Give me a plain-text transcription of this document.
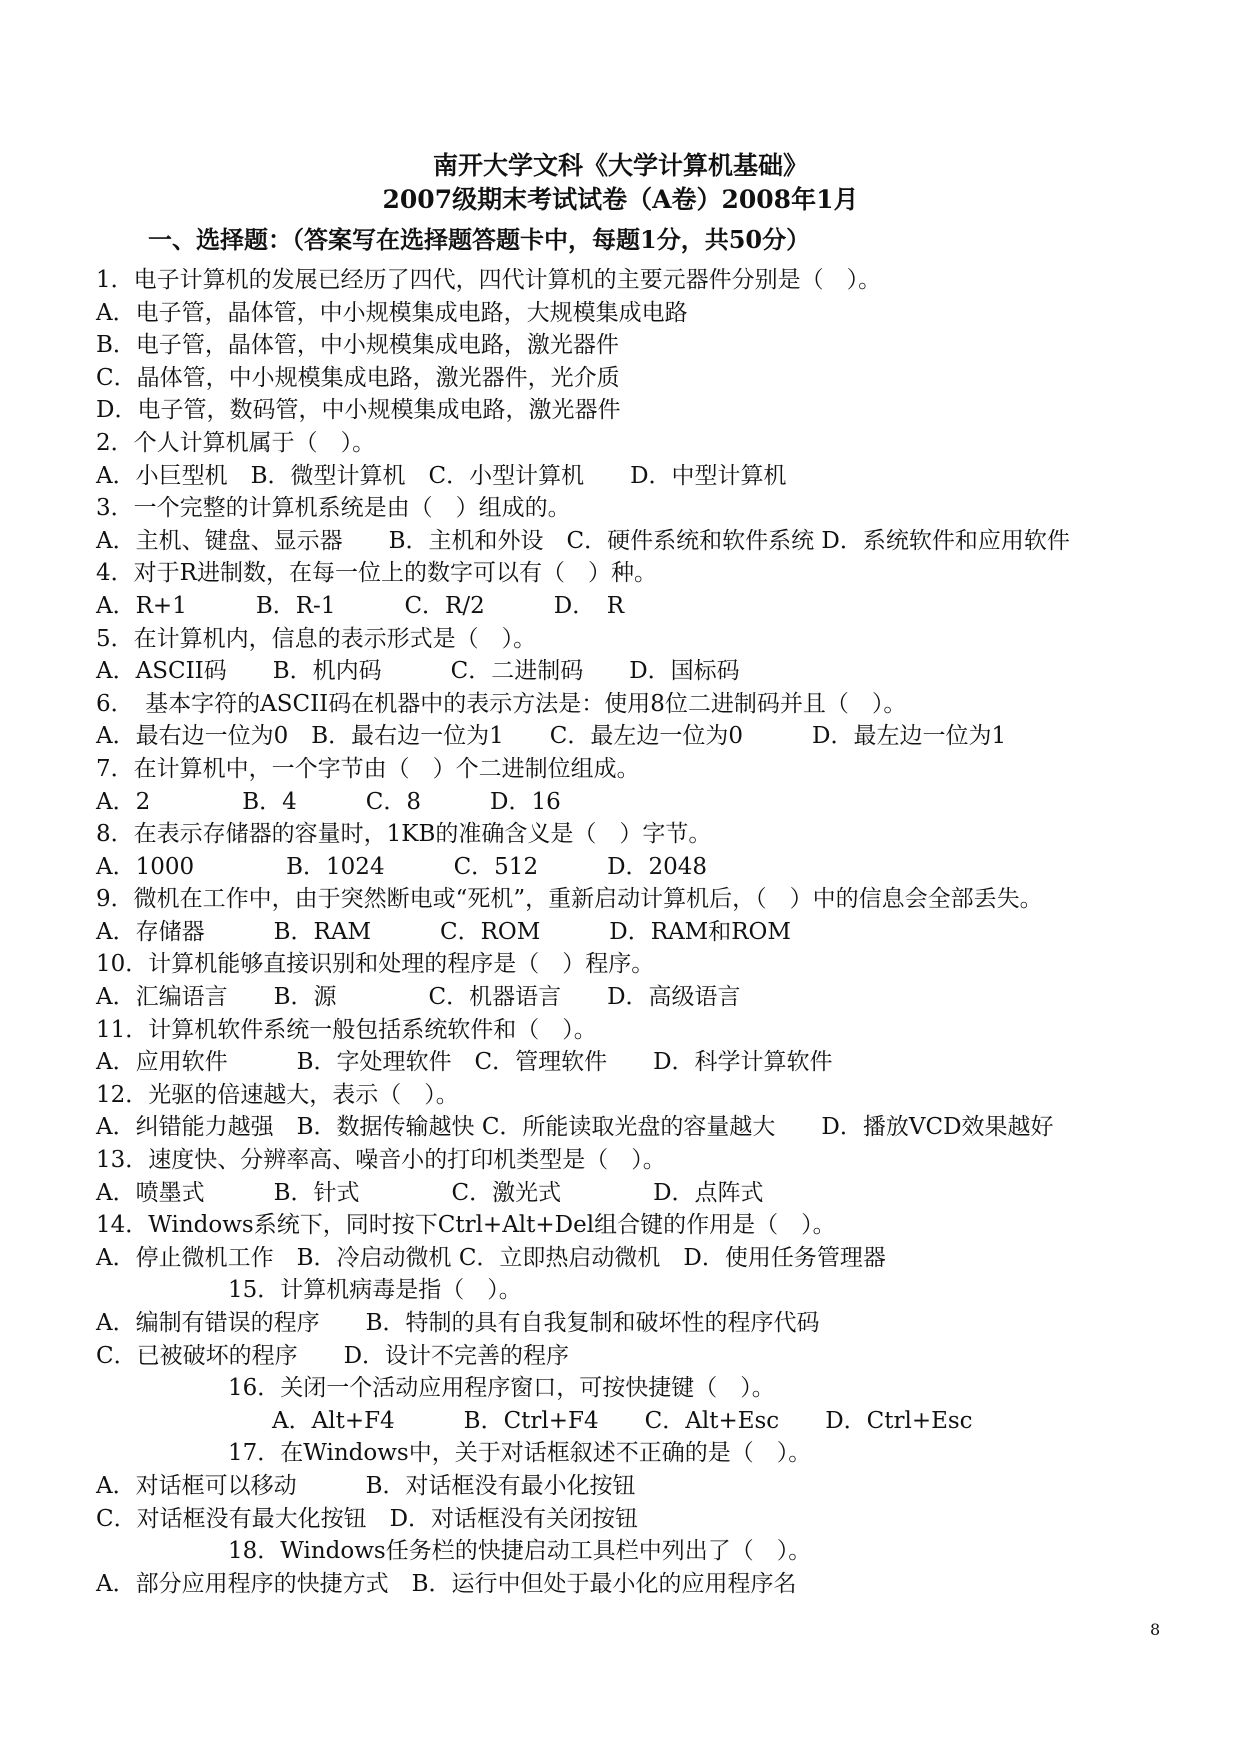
南开大学文科《大学计算机基础》
2007级期末考试试卷（A卷）2008年1月
一、选择题：（答案写在选择题答题卡中，每题1分，共50分）
1．电子计算机的发展已经历了四代，四代计算机的主要元器件分别是（　）。
A．电子管，晶体管，中小规模集成电路，大规模集成电路
B．电子管，晶体管，中小规模集成电路，激光器件
C．晶体管，中小规模集成电路，激光器件，光介质
D．电子管，数码管，中小规模集成电路，激光器件
2．个人计算机属于（　）。
A．小巨型机　B．微型计算机　C．小型计算机　　D．中型计算机
3．一个完整的计算机系统是由（　）组成的。
A．主机、键盘、显示器　　B．主机和外设　C．硬件系统和软件系统 D．系统软件和应用软件
4．对于R进制数，在每一位上的数字可以有（　）种。
A．R+1　　　B．R-1　　　C．R/2　　　D．　R
5．在计算机内，信息的表示形式是（　）。
A．ASCII码　　B．机内码　　　C．二进制码　　D．国标码
6．　基本字符的ASCII码在机器中的表示方法是：使用8位二进制码并且（　）。
A．最右边一位为0　B．最右边一位为1　　C．最左边一位为0　　　D．最左边一位为1
7．在计算机中，一个字节由（　）个二进制位组成。
A．2　　　　B．4　　　C．8　　　D．16
8．在表示存储器的容量时，1KB的准确含义是（　）字节。
A．1000　　　　B．1024　　　C．512　　　D．2048
9．微机在工作中，由于突然断电或“死机”，重新启动计算机后，（　）中的信息会全部丢失。
A．存储器　　　B．RAM　　　C．ROM　　　D．RAM和ROM
10．计算机能够直接识别和处理的程序是（　）程序。
A．汇编语言　　B．源　　　　C．机器语言　　D．高级语言
11．计算机软件系统一般包括系统软件和（　）。
A．应用软件　　　B．字处理软件　C．管理软件　　D．科学计算软件
12．光驱的倍速越大，表示（　）。
A．纠错能力越强　B．数据传输越快 C．所能读取光盘的容量越大　　D．播放VCD效果越好
13．速度快、分辨率高、噪音小的打印机类型是（　）。
A．喷墨式　　　B．针式　　　　C．激光式　　　　D．点阵式
14．Windows系统下，同时按下Ctrl+Alt+Del组合键的作用是（　）。
A．停止微机工作　B．冷启动微机 C．立即热启动微机　D．使用任务管理器
15．计算机病毒是指（　）。
A．编制有错误的程序　　B．特制的具有自我复制和破坏性的程序代码
C．已被破坏的程序　　D．设计不完善的程序
16．关闭一个活动应用程序窗口，可按快捷键（　）。
A．Alt+F4　　　B．Ctrl+F4　　C．Alt+Esc　　D．Ctrl+Esc
17．在Windows中，关于对话框叙述不正确的是（　）。
A．对话框可以移动　　　B．对话框没有最小化按钮
C．对话框没有最大化按钮　D．对话框没有关闭按钮
18．Windows任务栏的快捷启动工具栏中列出了（　）。
A．部分应用程序的快捷方式　B．运行中但处于最小化的应用程序名
8
